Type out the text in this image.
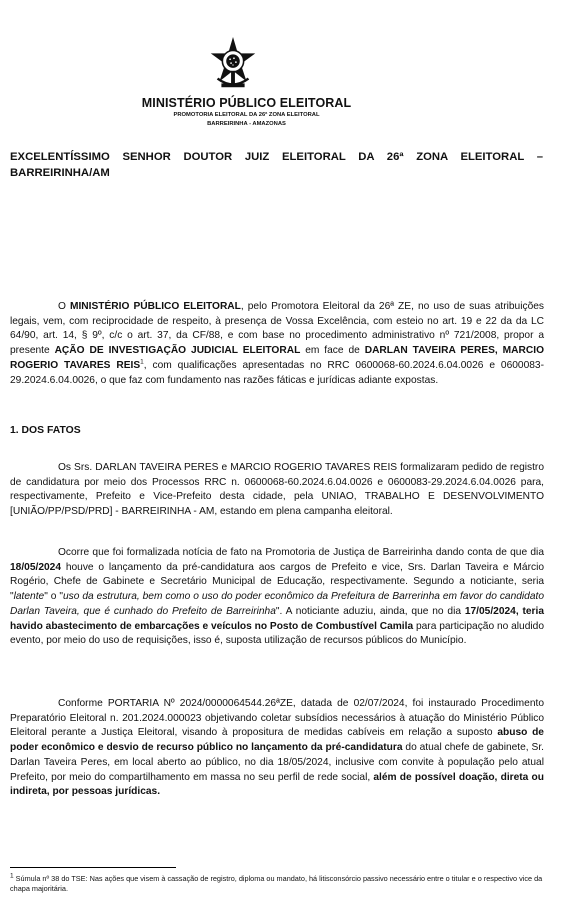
MINISTÉRIO PÚBLICO ELEITORAL
PROMOTORIA ELEITORAL DA 26ª ZONA ELEITORAL
BARREIRINHA - AMAZONAS
EXCELENTÍSSIMO SENHOR DOUTOR JUIZ ELEITORAL DA 26ª ZONA ELEITORAL –
BARREIRINHA/AM

O MINISTÉRIO PÚBLICO ELEITORAL, pelo Promotora Eleitoral da 26ª ZE, no uso de suas atribuições legais, vem, com reciprocidade de respeito, à presença de Vossa Excelência, com esteio no art. 19 e 22 da da LC 64/90, art. 14, § 9º, c/c o art. 37, da CF/88, e com base no procedimento administrativo nº 721/2008, propor a presente AÇÃO DE INVESTIGAÇÃO JUDICIAL ELEITORAL em face de DARLAN TAVEIRA PERES, MARCIO ROGERIO TAVARES REIS$^1$, com qualificações apresentadas no RRC 0600068-60.2024.6.04.0026 e 0600083-29.2024.6.04.0026, o que faz com fundamento nas razões fáticas e jurídicas adiante expostas.

1. DOS FATOS

Os Srs. DARLAN TAVEIRA PERES e MARCIO ROGERIO TAVARES REIS formalizaram pedido de registro de candidatura por meio dos Processos RRC n. 0600068-60.2024.6.04.0026 e 0600083-29.2024.6.04.0026 para, respectivamente, Prefeito e Vice-Prefeito desta cidade, pela UNIAO, TRABALHO E DESENVOLVIMENTO [UNIÃO/PP/PSD/PRD] - BARREIRINHA - AM, estando em plena campanha eleitoral.

Ocorre que foi formalizada notícia de fato na Promotoria de Justiça de Barreirinha dando conta de que dia 18/05/2024 houve o lançamento da pré-candidatura aos cargos de Prefeito e vice, Srs. Darlan Taveira e Márcio Rogério, Chefe de Gabinete e Secretário Municipal de Educação, respectivamente. Segundo a noticiante, seria "latente" o "uso da estrutura, bem como o uso do poder econômico da Prefeitura de Barrerinha em favor do candidato Darlan Taveira, que é cunhado do Prefeito de Barreirinha". A noticiante aduziu, ainda, que no dia 17/05/2024, teria havido abastecimento de embarcações e veículos no Posto de Combustível Camila para participação no aludido evento, por meio do uso de requisições, isso é, suposta utilização de recursos públicos do Município.

Conforme PORTARIA Nº 2024/0000064544.26ªZE, datada de 02/07/2024, foi instaurado Procedimento Preparatório Eleitoral n. 201.2024.000023 objetivando coletar subsídios necessários à atuação do Ministério Público Eleitoral perante a Justiça Eleitoral, visando à propositura de medidas cabíveis em relação a suposto abuso de poder econômico e desvio de recurso público no lançamento da pré-candidatura do atual chefe de gabinete, Sr. Darlan Taveira Peres, em local aberto ao público, no dia 18/05/2024, inclusive com convite à população pelo atual Prefeito, por meio do compartilhamento em massa no seu perfil de rede social, além de possível doação, direta ou indireta, por pessoas jurídicas.

$^1$ Súmula nº 38 do TSE: Nas ações que visem à cassação de registro, diploma ou mandato, há litisconsórcio passivo necessário entre o titular e o respectivo vice da chapa majoritária.
